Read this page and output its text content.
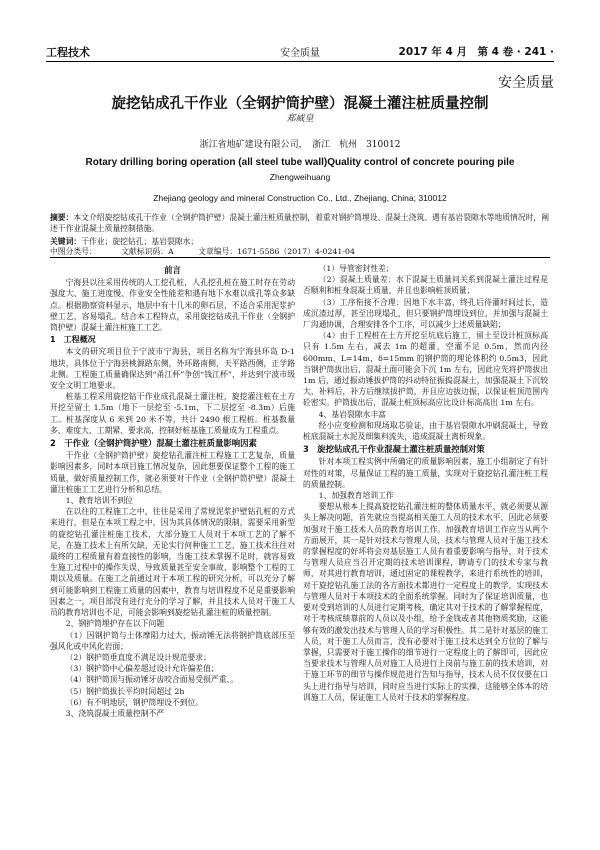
工程技术	安全质量	2017 年 4 月　第 4 卷 · 241 ·
安全质量
旋挖钻成孔干作业（全钢护筒护壁）混凝土灌注桩质量控制
郑威皇
浙江省地矿建设有限公司，　浙江　杭州　310012
Rotary drilling boring operation (all steel tube wall)Quality control of concrete pouring pile
Zhengweihuang
Zhejiang geology and mineral Construction Co., Ltd., Zhejiang, China; 310012
摘要：本文介绍旋挖钻成孔干作业（全钢护筒护壁）混凝土灌注桩质量控制，着重对钢护筒埋设、混凝土浇筑、遇有基岩裂隙水等地质情况时，阐述干作业混凝土质量控制措施。
关键词：干作业；旋挖钻孔；基岩裂隙水；
中图分类号：	文献标识码：A	文章编号：1671-5586（2017）4-0241-04
前言

宁海县以往采用传统的人工挖孔桩，人孔挖孔桩在施工时存在劳动强度大、施工进度慢、作业安全性能差和遇有地下水难以成孔等众多缺点。根据勘察资料显示，地层中有十几米的卵石层，不适合采用泥浆护壁工艺，容易塌孔。结合本工程特点，采用旋挖钻成孔干作业（全钢护筒护壁）混凝土灌注桩施工工艺。

1　工程概况

本文的研究项目位于宁波市宁海县，项目名称为宁海县环岛 D-1 地块，具体位于宁海县桃源路东侧，外环路南侧，天平路西侧，正学路北侧。工程施工质量确保达到“甬江杯”争创“钱江杯”，并达到宁波市级安全文明工地要求。

桩基工程采用旋挖钻干作业成孔混凝土灌注桩，旋挖灌注桩在土方开挖至留土 1.5m（地下一层挖至 -5.1m，下二层挖至 -8.3m）后施工。桩基深度从 6 米到 20 米不等，共计 2490 根工程桩。桩基数量多、难度大、工期紧、要求高，控制好桩基施工质量成为工程重点。

2　干作业（全钢护筒护壁）混凝土灌注桩质量影响因素

干作业（全钢护筒护壁）旋挖钻孔灌注桩工程施工工艺复杂，质量影响因素多，同时本项目施工情况复杂，因此想要保证整个工程的施工质量，做好质量控制工作，就必须要对干作业（全钢护筒护壁）混凝土灌注桩施工工艺进行分析和总结。

1、教育培训不到位

在以往的工程施工之中，往往是采用了常规泥浆护壁钻孔桩的方式来进行，但是在本项工程之中，因为其具体情况的限制，需要采用新型的旋挖钻孔灌注桩施工技术，大部分施工人员对于本项工艺的了解不足，在施工技术上有所欠缺，无论实行何种施工工艺，施工技术往往对最终的工程质量有着直接性的影响，当施工技术掌握不足时，就容易致生施工过程中的操作失误，导致质量甚至安全事故，影响整个工程的工期以及质量。在施工之前通过对于本项工程的研究分析，可以充分了解到可能影响到工程施工质量的因素中，教育与培训程度不足是重要影响因素之一，项目部没有进行充分的学习了解，并且技术人员对于施工人员的教育培训也不足，可能会影响到旋挖钻孔灌注桩的质量控制。

2、钢护筒埋护存在以下问题

（1）因钢护筒与土体摩阻力过大，振动锤无法将钢护筒底部压至强风化或中风化岩面；

（2）钢护筒垂直度不满足设计规范要求；

（3）钢护筒中心偏差超过设计允许偏差值；

（4）钢护筒顶与振动锤牙齿咬合面易受损严重、。

（5）钢护筒拔长平均时间超过 2h

（6）有不明地层，钢护筒埋设不到位。

3、浇筑混凝土质量控制不严

（1）导管密封性差；

（2）混凝土质量差：水下混凝土质量问关系到混凝土灌注过程是否顺利和桩身混凝土质量，并且也影响桩顶质量；

（3）工序衔接不合理：因地下水丰富，终孔后待灌时间过长，造成沉渣过厚，甚至出现塌孔，但只要钢护筒埋设到位，并加强与混凝土厂沟通协调，合理安排各个工序，可以减少上述质量缺陷；

（4）由于工程桩在土方开挖至坑底后施工，留土至设计桩顶标高只有 1.5m 左右，减去 1m 的超灌，空灌不足 0.5m，然而内径 600mm、L=14m，δ=15mm 的钢护筒的理论体积约 0.5m3，因此当钢护筒拔出后，混凝土面可能会下沉 1m 左右，因此应先将护筒拔出 1m 后，通过振动锤拔护筒的抖动特征振捣混凝土，加强混凝土下沉较大，补料后，补方后继续拔护筒，并且应边拔边振，以保证桩顶范围内砼密实。护筒拔出后，混凝土桩顶标高应比设计标高高出 1m 左右。

4、基岩裂隙水丰富

经小应变检测和现场取芯验证，由于基岩裂隙水冲刷混凝土，导致桩底混凝土水泥及细集料流失，造成混凝土离析现象。

3　旋挖钻成孔干作业混凝土灌注桩质量控制对策

针对本项工程实例中所确定的质量影响因素，施工小组制定了有针对性的对策，尽量保证工程的施工质量，实现对于旋挖钻孔灌注桩工程的质量控制。

1、加强教育培训工作

要想从根本上提高旋挖钻孔灌注桩的整体质量水平，就必须要从源头上解决问题，首先就应当提高相关施工人员的技术水平，因此必须要加强对于施工技术人员的教育培训工作。加强教育培训工作应当从两个方面展开，其一是针对技术与管理人员，技术与管理人员对于施工技术的掌握程度的好坏将会对基层施工人员有着重要影响与指导，对于技术与管理人员应当召开定期的技术培训课程，聘请专门的技术专家与教师，对其进行教育培训，通过固定的课程教学，来进行系统性的培训，对于旋挖钻孔施工法的各方面技术都进行一定程度上的教学，实现技术与管理人员对于本项技术的全面系统掌握。同时为了保证培训质量，也要对受到培训的人员进行定期考核，确定其对于技术的了解掌握程度，对于考核成绩靠前的人员以及小组，给予金钱或者其他物质奖励，这能够有效的激发出技术与管理人员的学习积极性。其二是针对基层的施工人员，对于施工人员而言，没有必要对于施工技术达到全方位的了解与掌握，只需要对于施工操作的细节进行一定程度上的了解即可，因此应当要求技术与管理人员对施工人员进行上岗前与施工前的技术培训，对于施工环节的细节与操作规范进行告知与指导，技术人员不仅仅要在口头上进行指导与培训，同时应当进行实际上的实操，这能够全体本的培训施工人员，保证施工人员对于技术的掌握程度。
